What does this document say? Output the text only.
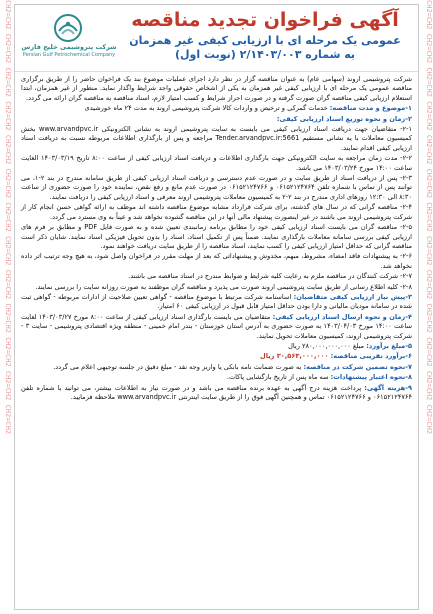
CH2=CH2 CH2=CH2 CH2=CH2 CH2=CH2 CH2=CH2 CH2=CH2 CH2=CH2 CH2=CH2 CH2=CH2 CH2=CH2 CH2=CH2 CH2=CH2 CH2=CH2
CH2=CH2 CH2=CH2 CH2=CH2 CH2=CH2 CH2=CH2 CH2=CH2 CH2=CH2 CH2=CH2 CH2=CH2 CH2=CH2 CH2=CH2 CH2=CH2 CH2=CH2 شرکت پتروشیمی خلیج فارس
Persian Gulf Petrochemical Company
آگهی فراخوان تجدید مناقصه
عمومی یک مرحله ای با ارزیابی کیفی غیر همزمان
به شماره ۲/۱۴۰۳/۰۰۳ (نوبت اول)

شرکت پتروشیمی اروند (سهامی عام) به عنوان مناقصه گزار در نظر دارد اجرای عملیات موضوع بند یک فراخوان حاضر را از طریق برگزاری مناقصه عمومی یک مرحله ای با ارزیابی کیفی غیر همزمان به یکی از اشخاص حقوقی واجد شرایط واگذار نماید. منظور از غیر همزمان، ابتدا استعلام ارزیابی کیفی مناقصه گران صورت گرفته و در صورت احراز شرایط و کسب امتیاز لازم، اسناد مناقصه به مناقصه گران ارائه می گردد.

۱-موضوع و مدت مناقصه: خدمات گمرکی و ترخیص و واردات کالا شرکت پتروشیمی اروند به مدت ۲۴ ماه خورشیدی

۲-زمان و نحوه توزیع اسناد ارزیابی کیفی:

۲-۱- متقاضیان جهت دریافت اسناد ارزیابی کیفی می بایست به سایت پتروشیمی اروند به نشانی الکترونیکی www.arvandpvc.ir بخش کمیسیون معاملات با یه نشانی مستقیم Tender.arvandpvc.ir:5661 مراجعه و پس از بارگذاری اطلاعات مربوطه نسبت به دریافت اسناد ارزیابی کیفی اقدام نمایند.

۲-۲- مدت زمان مراجعه به سایت الکترونیکی جهت بارگذاری اطلاعات و دریافت اسناد ارزیابی کیفی از ساعت ۸:۰۰ تاریخ ۱۴۰۳/۰۳/۱۹ الغایت ساعت ۱۴:۰۰ مورخ ۱۴۰۳/۰۳/۲۴ می باشد.

۲-۳- پس از دریافت اسناد از طریق سایت و در صورت عدم دسترسی و دریافت اسناد ارزیابی کیفی از طریق سامانه مندرج در بند ۲-۱، می توانند پس از تماس با شماره تلفن ۰۶۱۵۲۱۲۴۷۶۴ و ۰۶۱۵۲۱۲۴۷۶۶ در صورت عدم مانع و رفع نقص، نماینده خود را صورت حضوری از ساعت ۸:۳۰ الی ۱۲:۳۰ روزهای اداری مندرج در بند ۲-۲ به کمیسیون معاملات پتروشیمی اروند معرفی و اسناد ارزیابی کیفی را دریافت نمایند.

۲-۴- مناقصه گرانی که در سال های گذشته، برای شرکت قرارداد مشابه موضوع مناقصه داشته اند موظف به ارائه گواهی حسن انجام کار از شرکت پتروشیمی اروند می باشند در غیر اینصورت پیشنهاد مالی آنها در این مناقصه گشوده نخواهد شد و عیناً به وی مسترد می گردد.

۲-۵- مناقصه گران می بایست اسناد ارزیابی کیفی خود را مطابق برنامه زمانبندی تعیین شده و به صورت فایل PDF و مطابق بر فرم های ارزیابی کیفی بررسی سامانه معاملات بارگذاری نمایند. ضمناً پس از تکمیل اسناد، اسناد را بدون تحویل فیزیکی اسناد نمایند. شایان ذکر است مناقصه گرانی که حداقل امتیاز ارزیابی کیفی را کسب نمایند، اسناد مناقصه را از طریق سایت دریافت خواهند نمود.

۲-۶- به پیشنهادات فاقد امضاء، مشروط، مبهم، مخدوش و پیشنهاداتی که بعد از مهلت مقرر در فراخوان واصل شود، به هیچ وجه ترتیب اثر داده نخواهد شد.

۲-۷- شرکت کنندگان در مناقصه ملزم به رعایت کلیه شرایط و ضوابط مندرج در اسناد مناقصه می باشند.

۲-۸- کلیه اطلاع رسانی از طریق سایت پتروشیمی اروند صورت می پذیرد و مناقصه گران موظفند به صورت روزانه سایت را بررسی نمایند.

۳-پیش نیاز ارزیابی کیفی متقاضیان: اساسنامه شرکت مرتبط با موضوع مناقصه - گواهی تعیین صلاحیت از ادارات مربوطه - گواهی ثبت شده در سامانه مودیان مالیاتی و دارا بودن حداقل امتیاز قابل قبول در ارزیابی کیفی ۶۰ امتیاز.

۴-زمان و نحوه ارسال اسناد ارزیابی کیفی: متقاضیان می بایست بارگذاری اسناد ارزیابی کیفی از ساعت ۸:۰۰ مورخ ۱۴۰۳/۰۳/۲۷ لغایت ساعت ۱۴:۰۰ مورخ ۱۴۰۳/۰۴/۰۳ به صورت حضوری به آدرس استان خوزستان - بندر امام خمینی - منطقه ویژه اقتصادی پتروشیمی - سایت ۳ - شرکت پتروشیمی اروند، کمیسیون معاملات تحویل نمایند.

۵-مبلغ برآورد: مبلغ ۲۸۰,۰۰۰,۰۰۰,۰۰۰ ریال

۶-برآورد تقریبی مناقصه: ۳۰,۵۶۳,۰۰۰,۰۰۰ ریال

۷-نحوه تضمین شرکت در مناقصه: به صورت ضمانت نامه بانکی یا واریز وجه نقد - مبلغ دقیق در جلسه توجیهی اعلام می گردد.

۸-نحوه اعتبار پیشنهادات: سه ماه پس از تاریخ بازگشایی پاکات.

۹-هزینه آگهی: پرداخت هزینه درج آگهی به عهده برنده مناقصه می باشد و در صورت نیاز به اطلاعات بیشتر، می توانید با شماره تلفن ۰۶۱۵۲۱۲۴۷۶۴ و ۰۶۱۵۲۱۲۴۷۶۶ تماس و همچنین آگهی فوق را از طریق سایت اینترنتی www.arvandpvc.ir ملاحظه فرمایید.
